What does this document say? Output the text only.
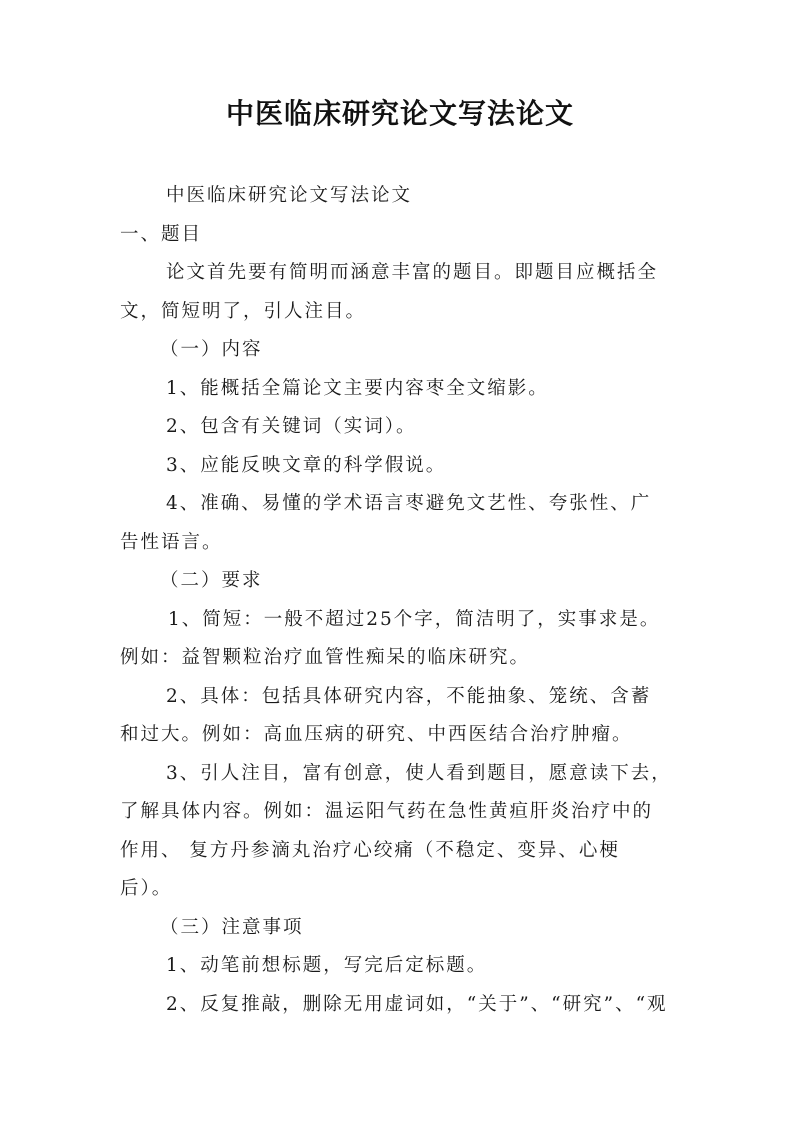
中医临床研究论文写法论文
中医临床研究论文写法论文
一、题目
论文首先要有简明而涵意丰富的题目。即题目应概括全
文，简短明了，引人注目。
（一）内容
1、能概括全篇论文主要内容枣全文缩影。
2、包含有关键词（实词）。
3、应能反映文章的科学假说。
4、准确、易懂的学术语言枣避免文艺性、夸张性、广
告性语言。
（二）要求
1、简短：一般不超过25个字，简洁明了，实事求是。
例如：益智颗粒治疗血管性痴呆的临床研究。
2、具体：包括具体研究内容，不能抽象、笼统、含蓄
和过大。例如：高血压病的研究、中西医结合治疗肿瘤。
3、引人注目，富有创意，使人看到题目，愿意读下去，
了解具体内容。例如：温运阳气药在急性黄疸肝炎治疗中的
作用、 复方丹参滴丸治疗心绞痛（不稳定、变异、心梗
后）。
（三）注意事项
1、动笔前想标题，写完后定标题。
2、反复推敲，删除无用虚词如，“关于”、“研究”、“观
